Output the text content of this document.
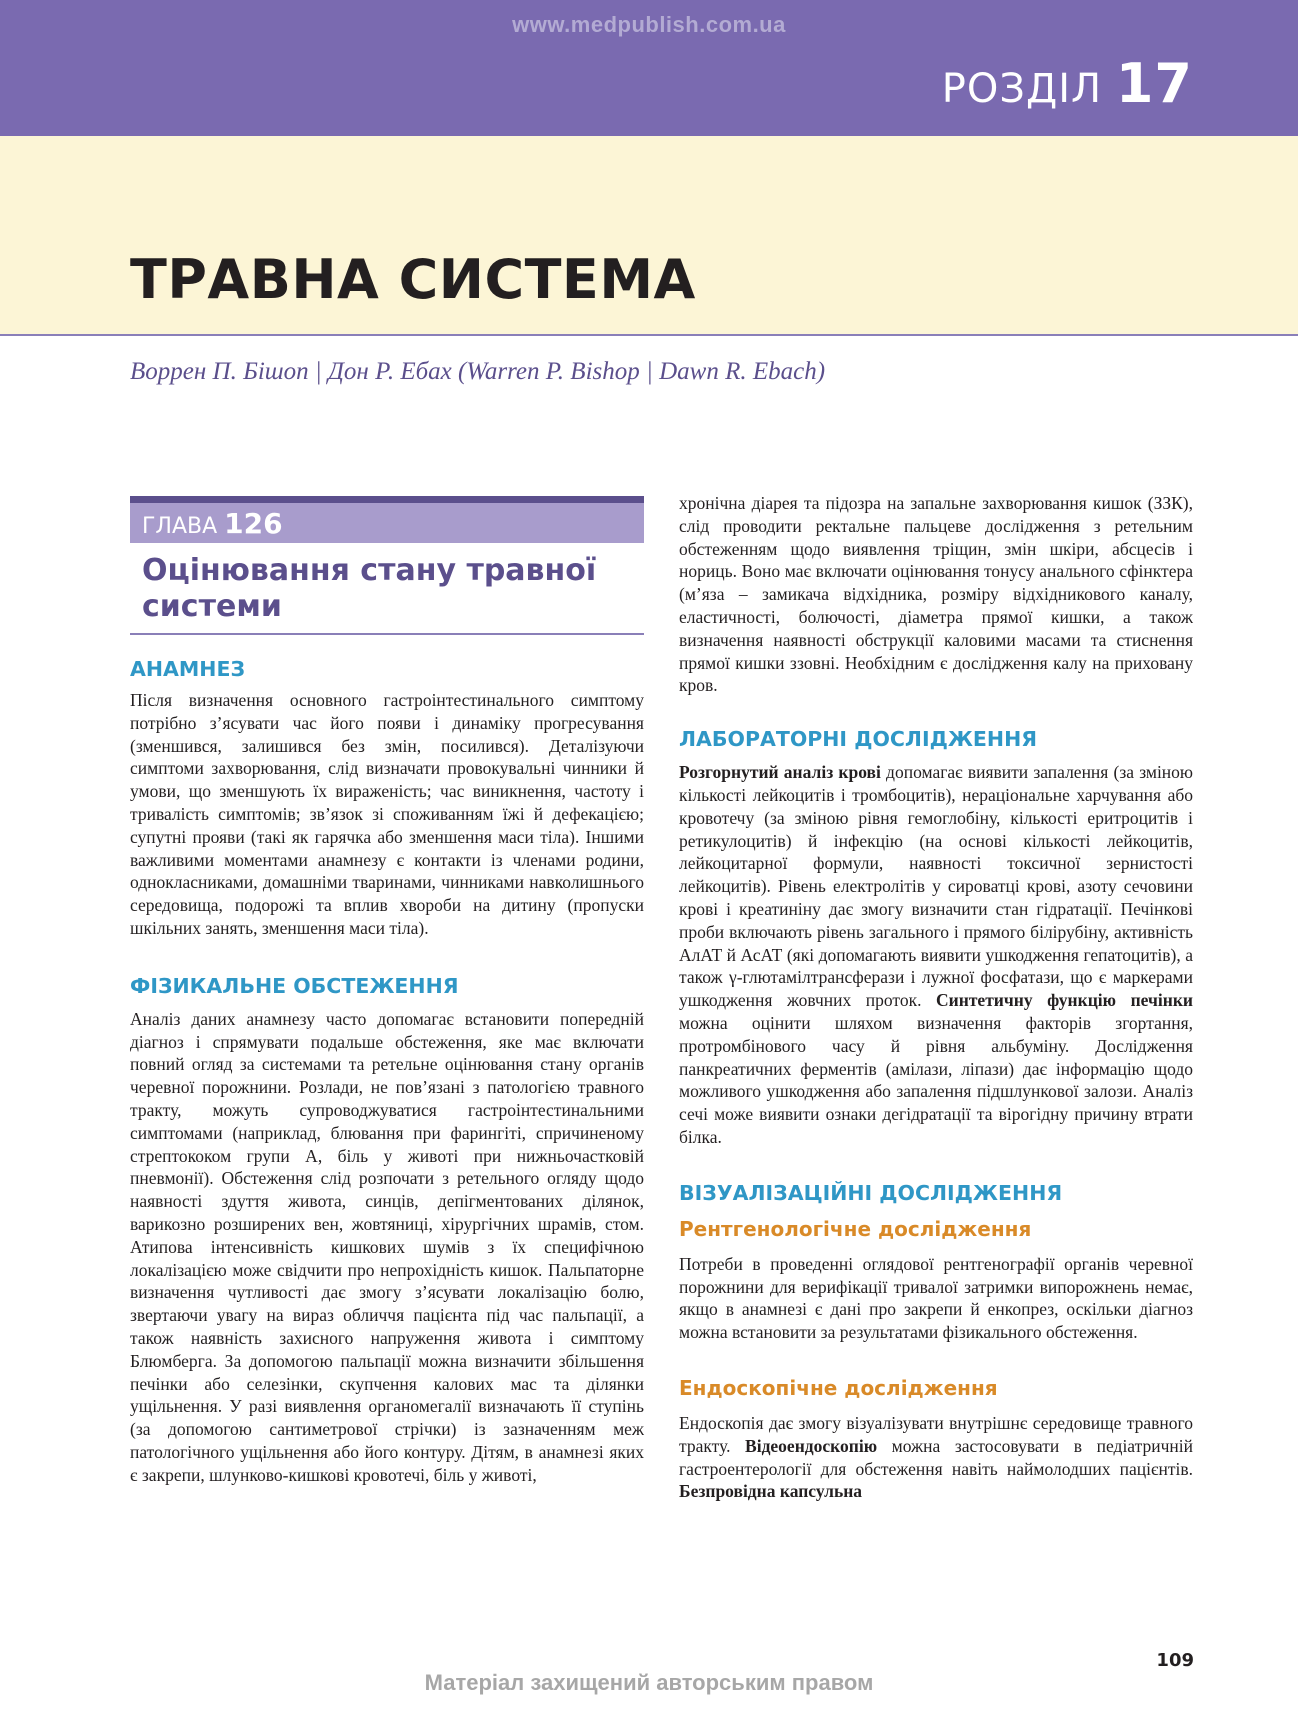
www.medpublish.com.ua
РОЗДІЛ 17
ТРАВНА СИСТЕМА
Воррен П. Бішоп | Дон Р. Ебах (Warren P. Bishop | Dawn R. Ebach)
ГЛАВА 126
Оцінювання стану травної системи
АНАМНЕЗ

Після визначення основного гастроінтестинального симптому потрібно з’ясувати час його появи і динаміку прогресування (зменшився, залишився без змін, посилився). Деталізуючи симптоми захворювання, слід визначати провокувальні чинники й умови, що зменшують їх вираженість; час виникнення, частоту і тривалість симптомів; зв’язок зі споживанням їжі й дефекацією; супутні прояви (такі як гарячка або зменшення маси тіла). Іншими важливими моментами анамнезу є контакти із членами родини, однокласниками, домашніми тваринами, чинниками навколишнього середовища, подорожі та вплив хвороби на дитину (пропуски шкільних занять, зменшення маси тіла).

ФІЗИКАЛЬНЕ ОБСТЕЖЕННЯ

Аналіз даних анамнезу часто допомагає встановити попередній діагноз і спрямувати подальше обстеження, яке має включати повний огляд за системами та ретельне оцінювання стану органів черевної порожнини. Розлади, не пов’язані з патологією травного тракту, можуть супроводжуватися гастроінтестинальними симптомами (наприклад, блювання при фарингіті, спричиненому стрептококом групи А, біль у животі при нижньочастковій пневмонії). Обстеження слід розпочати з ретельного огляду щодо наявності здуття живота, синців, депігментованих ділянок, варикозно розширених вен, жовтяниці, хірургічних шрамів, стом. Атипова інтенсивність кишкових шумів з їх специфічною локалізацією може свідчити про непрохідність кишок. Пальпаторне визначення чутливості дає змогу з’ясувати локалізацію болю, звертаючи увагу на вираз обличчя пацієнта під час пальпації, а також наявність захисного напруження живота і симптому Блюмберга. За допомогою пальпації можна визначити збільшення печінки або селезінки, скупчення калових мас та ділянки ущільнення. У разі виявлення органомегалії визначають її ступінь (за допомогою сантиметрової стрічки) із зазначенням меж патологічного ущільнення або його контуру. Дітям, в анамнезі яких є закрепи, шлунково-кишкові кровотечі, біль у животі,

хронічна діарея та підозра на запальне захворювання кишок (ЗЗК), слід проводити ректальне пальцеве дослідження з ретельним обстеженням щодо виявлення тріщин, змін шкіри, абсцесів і нориць. Воно має включати оцінювання тонусу анального сфінктера (м’яза – замикача відхідника, розміру відхідникового каналу, еластичності, болючості, діаметра прямої кишки, а також визначення наявності обструкції каловими масами та стиснення прямої кишки ззовні. Необхідним є дослідження калу на приховану кров.

ЛАБОРАТОРНІ ДОСЛІДЖЕННЯ

Розгорнутий аналіз крові допомагає виявити запалення (за зміною кількості лейкоцитів і тромбоцитів), нераціональне харчування або кровотечу (за зміною рівня гемоглобіну, кількості еритроцитів і ретикулоцитів) й інфекцію (на основі кількості лейкоцитів, лейкоцитарної формули, наявності токсичної зернистості лейкоцитів). Рівень електролітів у сироватці крові, азоту сечовини крові і креатиніну дає змогу визначити стан гідратації. Печінкові проби включають рівень загального і прямого білірубіну, активність АлАТ й АсАТ (які допомагають виявити ушкодження гепатоцитів), а також γ-глютамілтрансферази і лужної фосфатази, що є маркерами ушкодження жовчних проток. Синтетичну функцію печінки можна оцінити шляхом визначення факторів згортання, протромбінового часу й рівня альбуміну. Дослідження панкреатичних ферментів (амілази, ліпази) дає інформацію щодо можливого ушкодження або запалення підшлункової залози. Аналіз сечі може виявити ознаки дегідратації та вірогідну причину втрати білка.

ВІЗУАЛІЗАЦІЙНІ ДОСЛІДЖЕННЯ
Рентгенологічне дослідження

Потреби в проведенні оглядової рентгенографії органів черевної порожнини для верифікації тривалої затримки випорожнень немає, якщо в анамнезі є дані про закрепи й енкопрез, оскільки діагноз можна встановити за результатами фізикального обстеження.

Ендоскопічне дослідження

Ендоскопія дає змогу візуалізувати внутрішнє середовище травного тракту. Відеоендоскопію можна застосовувати в педіатричній гастроентерології для обстеження навіть наймолодших пацієнтів. Безпровідна капсульна

109
Матеріал захищений авторським правом
